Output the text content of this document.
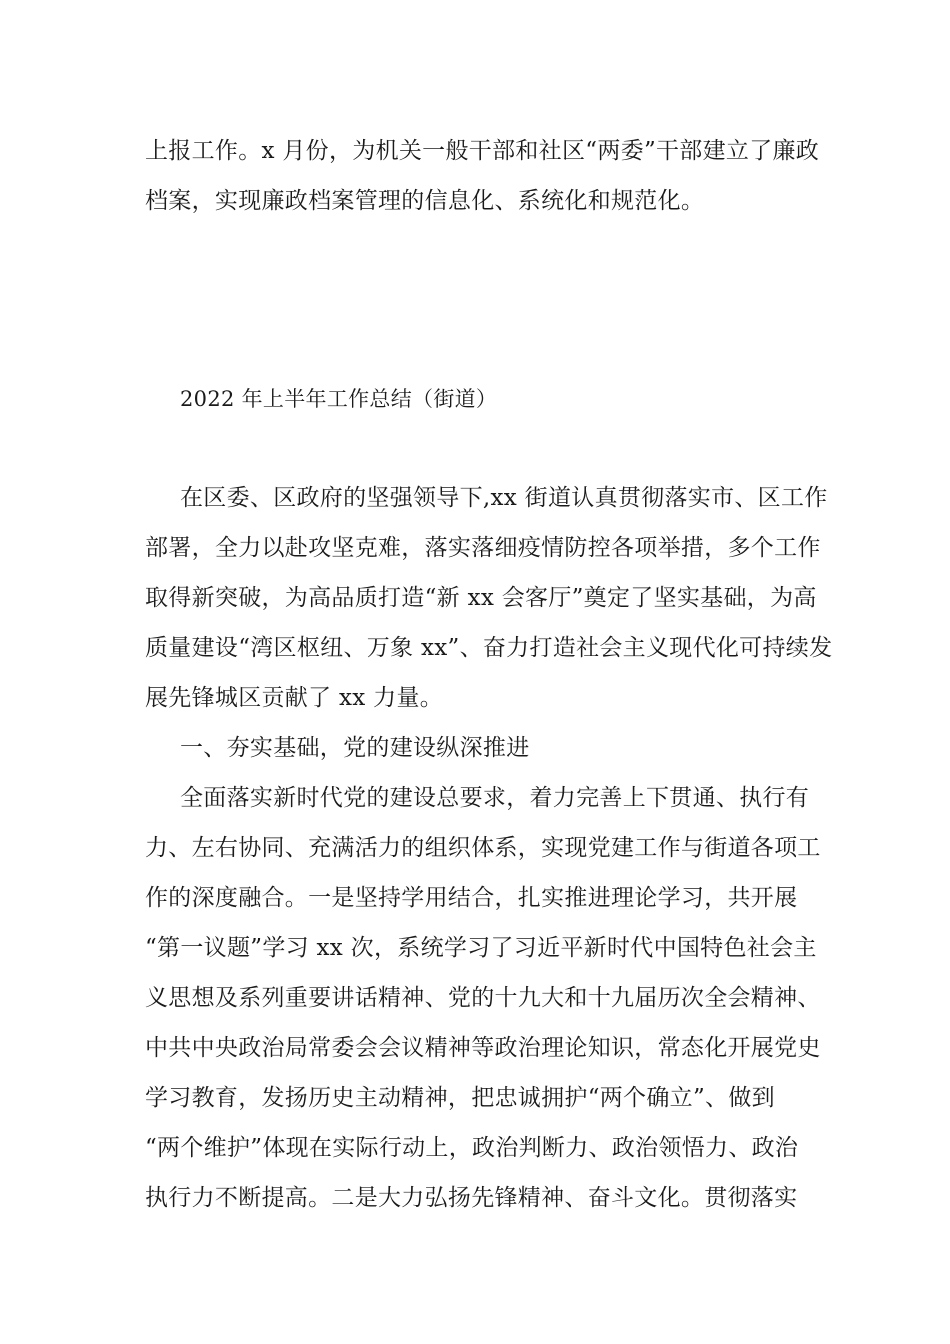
上报工作。x 月份，为机关一般干部和社区“两委”干部建立了廉政
档案，实现廉政档案管理的信息化、系统化和规范化。
2022 年上半年工作总结（街道）
在区委、区政府的坚强领导下,xx 街道认真贯彻落实市、区工作
部署，全力以赴攻坚克难，落实落细疫情防控各项举措，多个工作
取得新突破，为高品质打造“新 xx 会客厅”奠定了坚实基础，为高
质量建设“湾区枢纽、万象 xx”、奋力打造社会主义现代化可持续发
展先锋城区贡献了 xx 力量。
一、夯实基础，党的建设纵深推进
全面落实新时代党的建设总要求，着力完善上下贯通、执行有
力、左右协同、充满活力的组织体系，实现党建工作与街道各项工
作的深度融合。一是坚持学用结合，扎实推进理论学习，共开展
“第一议题”学习 xx 次，系统学习了习近平新时代中国特色社会主
义思想及系列重要讲话精神、党的十九大和十九届历次全会精神、
中共中央政治局常委会会议精神等政治理论知识，常态化开展党史
学习教育，发扬历史主动精神，把忠诚拥护“两个确立”、做到
“两个维护”体现在实际行动上，政治判断力、政治领悟力、政治
执行力不断提高。二是大力弘扬先锋精神、奋斗文化。贯彻落实
